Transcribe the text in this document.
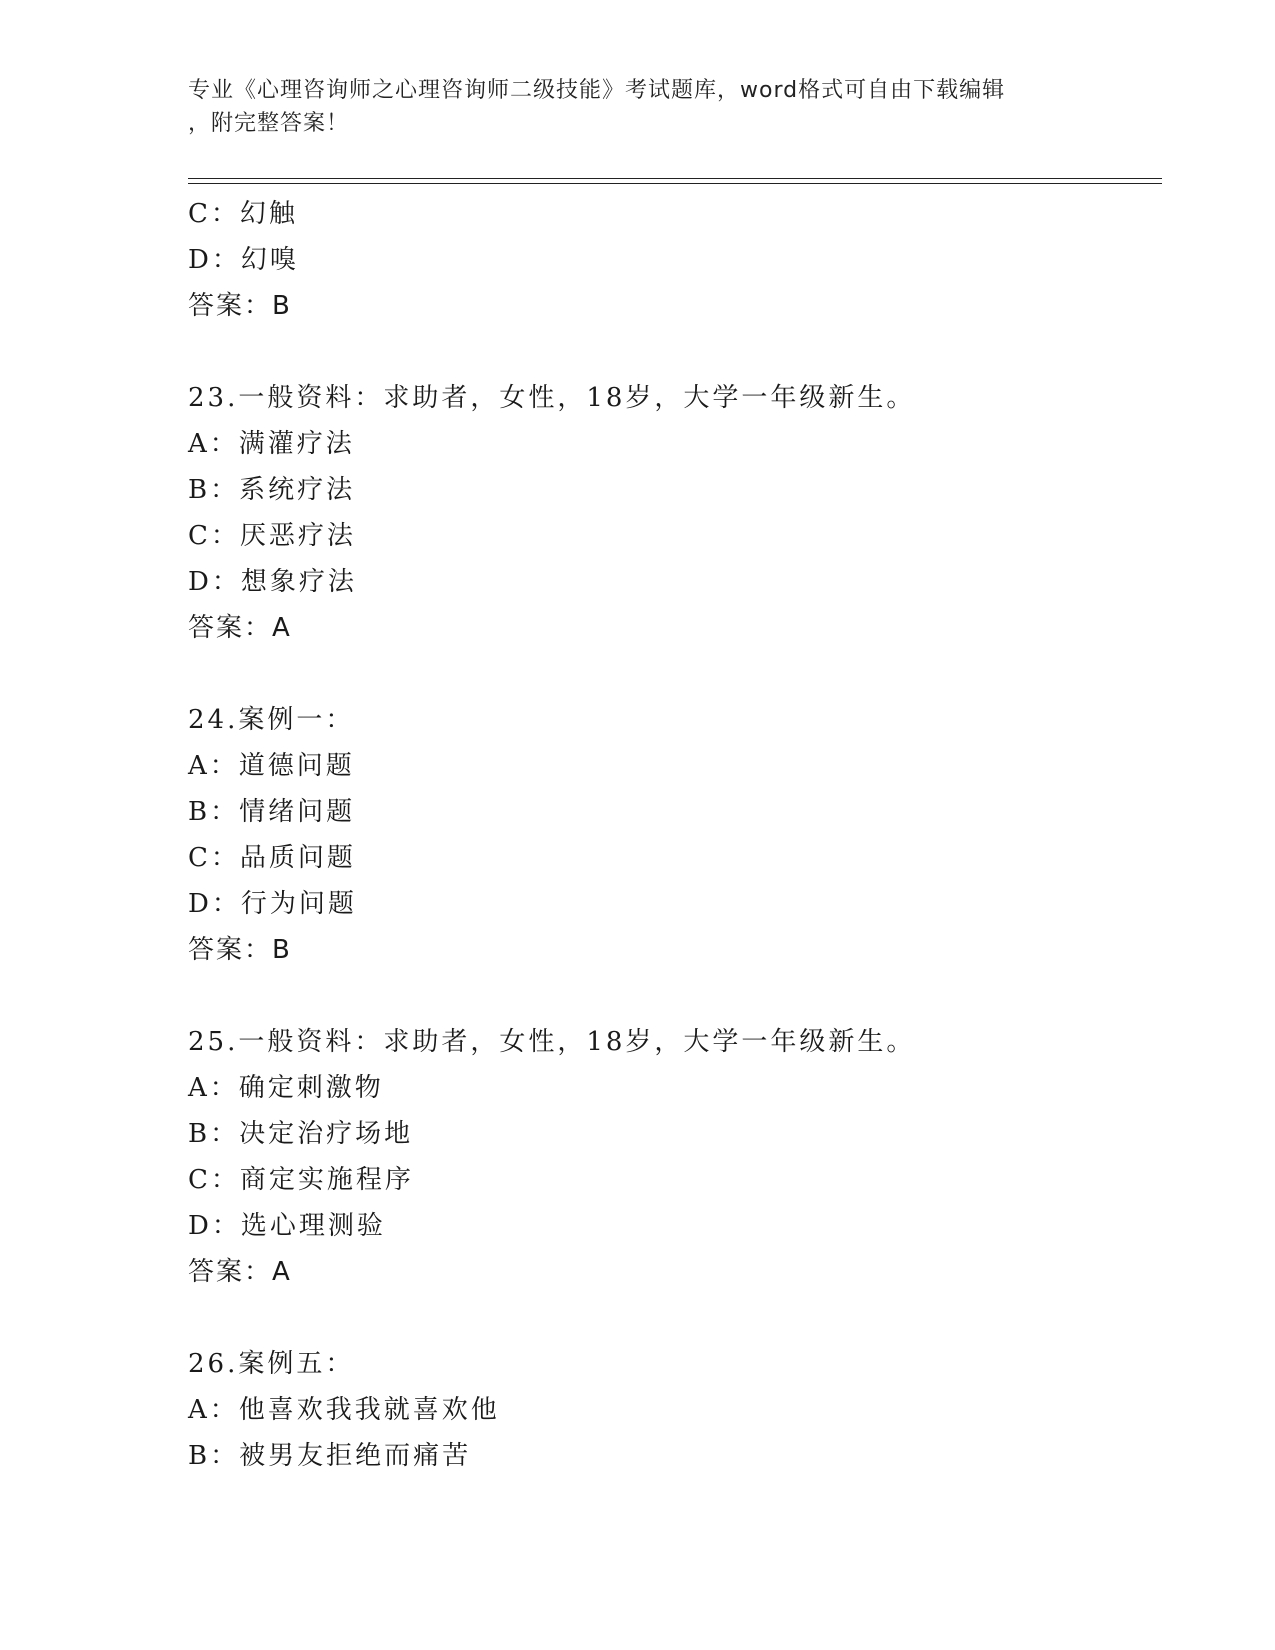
专业《心理咨询师之心理咨询师二级技能》考试题库，word格式可自由下载编辑
，附完整答案！
C：幻触
D：幻嗅
答案：B
23.一般资料：求助者，女性，18岁，大学一年级新生。
A：满灌疗法
B：系统疗法
C：厌恶疗法
D：想象疗法
答案：A
24.案例一：
A：道德问题
B：情绪问题
C：品质问题
D：行为问题
答案：B
25.一般资料：求助者，女性，18岁，大学一年级新生。
A：确定刺激物
B：决定治疗场地
C：商定实施程序
D：选心理测验
答案：A
26.案例五：
A：他喜欢我我就喜欢他
B：被男友拒绝而痛苦
